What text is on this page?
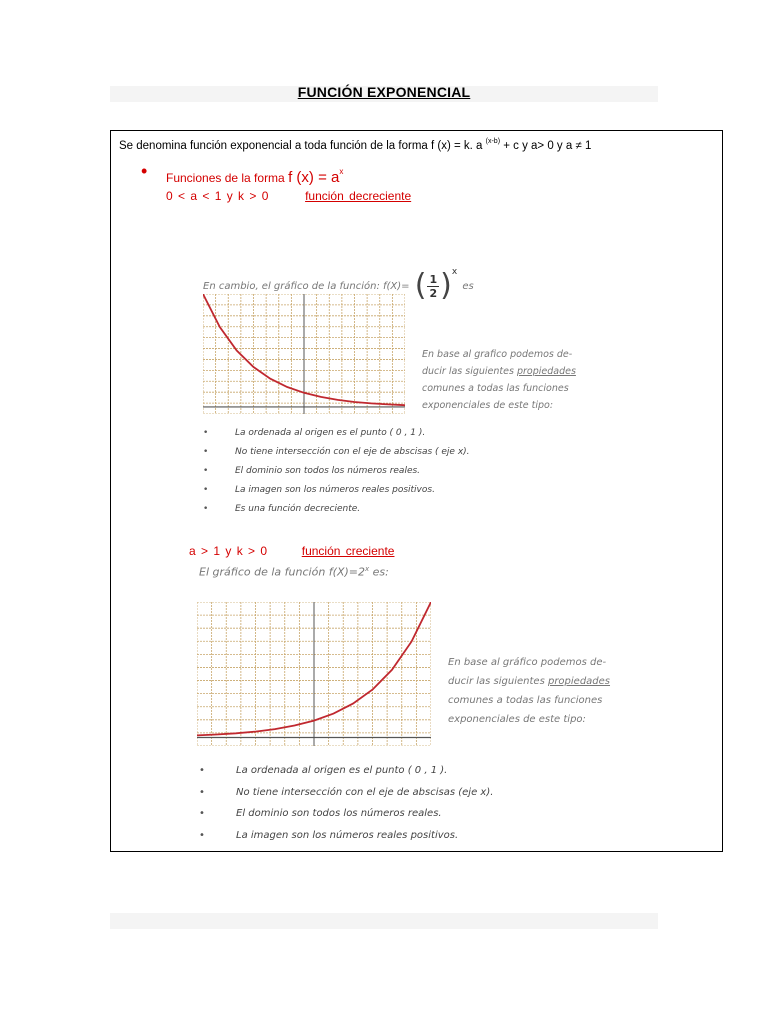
FUNCIÓN EXPONENCIAL
Se denomina función exponencial a toda función de la forma f (x) = k. a $^{(x-b)}$ + c y a> 0 y a ≠ 1
• Funciones de la forma f $(x) = a^x$
0 < a < 1 y k > 0	función decreciente
En cambio, el gráfico de la función: f(X)= ( 1
2 ) x
es
En base al grafico podemos de-ducir las siguientes propiedades comunes a todas las funciones exponenciales de este tipo:
• La ordenada al origen es el punto ( 0 , 1 ).
• No tiene intersección con el eje de abscisas ( eje x).
• El dominio son todos los números reales.
• La imagen son los números reales positivos.
• Es una función decreciente.
a > 1 y k > 0	función creciente
El gráfico de la función $f(X)=2^x$ es:
En base al gráfico podemos de-ducir las siguientes propiedades comunes a todas las funciones exponenciales de este tipo:
• La ordenada al origen es el punto ( 0 , 1 ).
• No tiene intersección con el eje de abscisas (eje x).
• El dominio son todos los números reales.
• La imagen son los números reales positivos.
